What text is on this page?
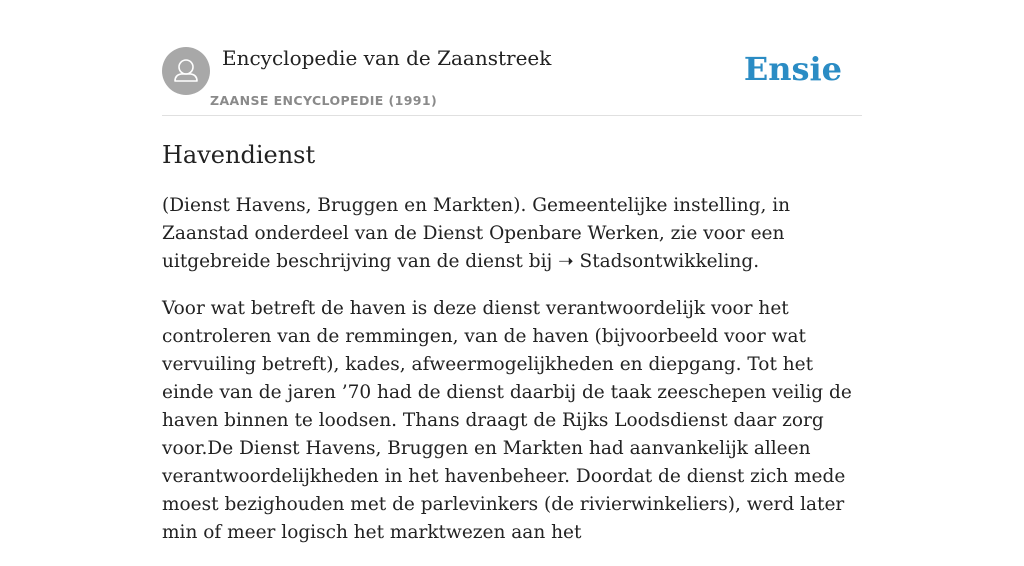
Encyclopedie van de Zaanstreek
ZAANSE ENCYCLOPEDIE (1991)
Ensie
Havendienst

(Dienst Havens, Bruggen en Markten). Gemeentelijke instelling, in Zaanstad onderdeel van de Dienst Openbare Werken, zie voor een uitgebreide beschrijving van de dienst bij ➝ Stadsontwikkeling.

Voor wat betreft de haven is deze dienst verantwoordelijk voor het controleren van de remmingen, van de haven (bijvoorbeeld voor wat vervuiling betreft), kades, afweermogelijkheden en diepgang. Tot het einde van de jaren ’70 had de dienst daarbij de taak zeeschepen veilig de haven binnen te loodsen. Thans draagt de Rijks Loodsdienst daar zorg voor.De Dienst Havens, Bruggen en Markten had aanvankelijk alleen verantwoordelijkheden in het havenbeheer. Doordat de dienst zich mede moest bezighouden met de parlevinkers (de rivierwinkeliers), werd later min of meer logisch het marktwezen aan het
